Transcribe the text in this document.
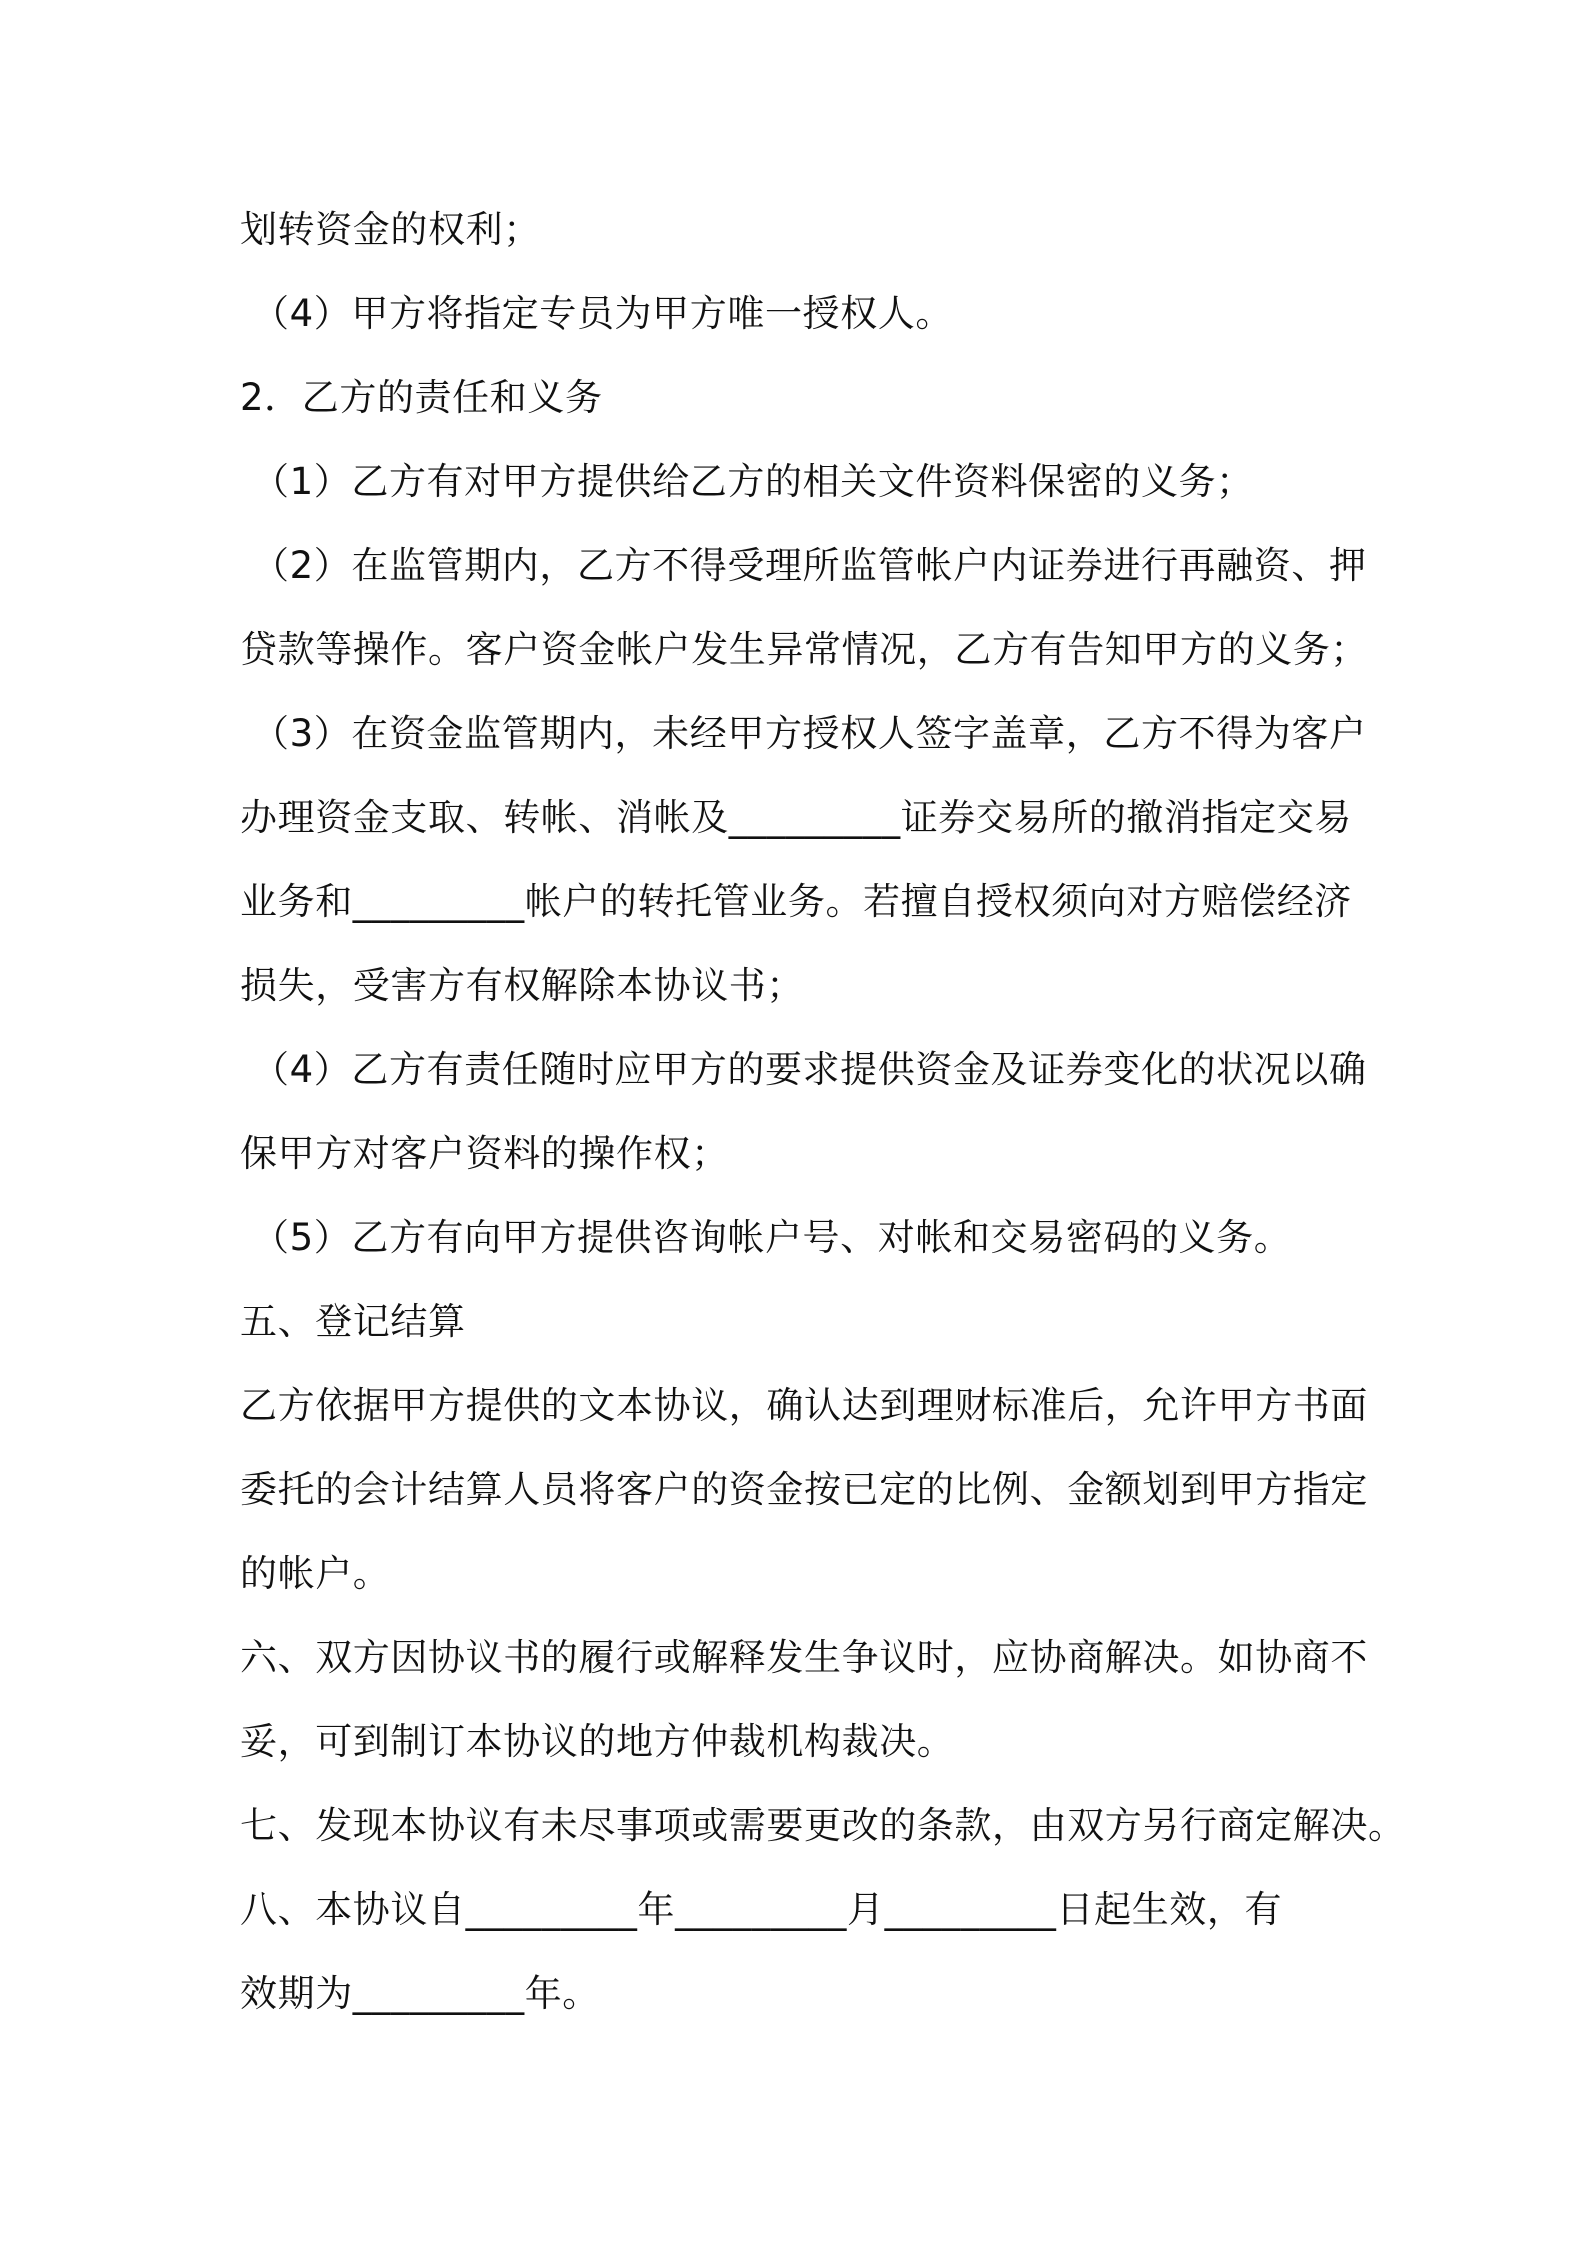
划转资金的权利；

（4）甲方将指定专员为甲方唯一授权人。

2．乙方的责任和义务

（1）乙方有对甲方提供给乙方的相关文件资料保密的义务；

（2）在监管期内，乙方不得受理所监管帐户内证券进行再融资、押

贷款等操作。客户资金帐户发生异常情况，乙方有告知甲方的义务；

（3）在资金监管期内，未经甲方授权人签字盖章，乙方不得为客户

办理资金支取、转帐、消帐及_________证券交易所的撤消指定交易

业务和_________帐户的转托管业务。若擅自授权须向对方赔偿经济

损失，受害方有权解除本协议书；

（4）乙方有责任随时应甲方的要求提供资金及证券变化的状况以确

保甲方对客户资料的操作权；

（5）乙方有向甲方提供咨询帐户号、对帐和交易密码的义务。

五、登记结算

乙方依据甲方提供的文本协议，确认达到理财标准后，允许甲方书面

委托的会计结算人员将客户的资金按已定的比例、金额划到甲方指定

的帐户。

六、双方因协议书的履行或解释发生争议时，应协商解决。如协商不

妥，可到制订本协议的地方仲裁机构裁决。

七、发现本协议有未尽事项或需要更改的条款，由双方另行商定解决。

八、本协议自_________年_________月_________日起生效，有

效期为_________年。
